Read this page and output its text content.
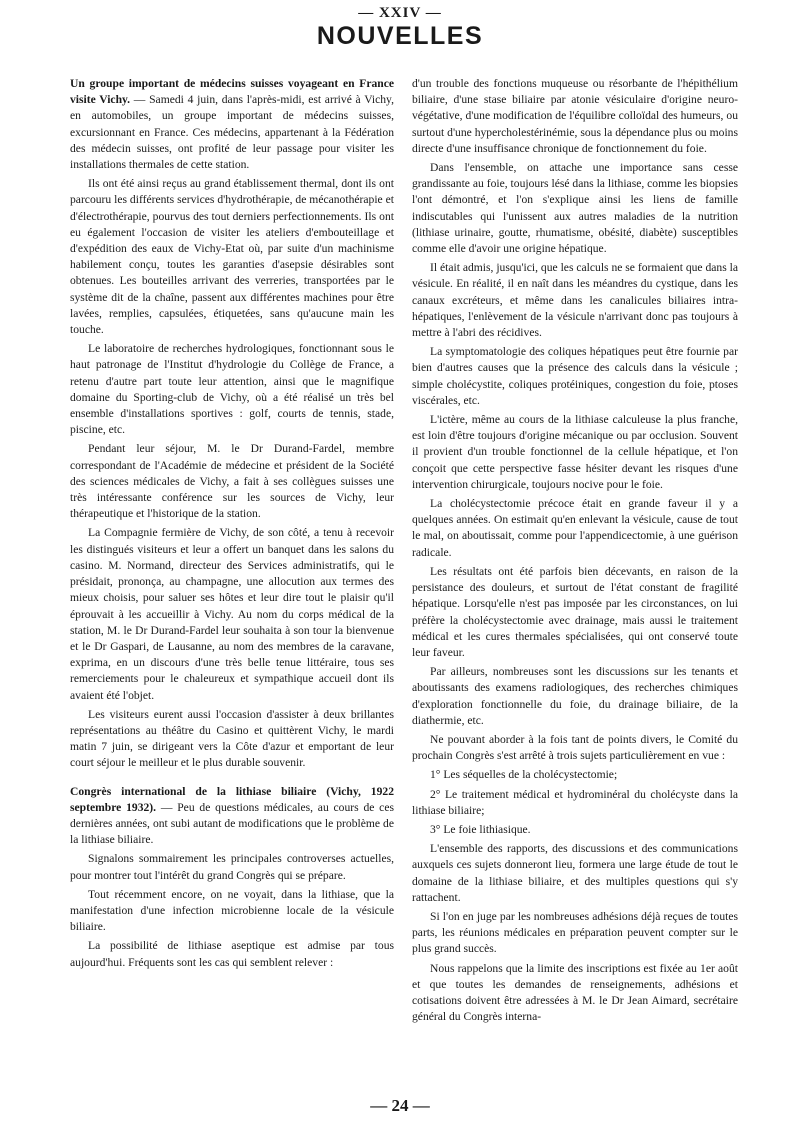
— XXIV —
NOUVELLES

Un groupe important de médecins suisses voyageant en France visite Vichy. — Samedi 4 juin, dans l'après-midi, est arrivé à Vichy, en automobiles, un groupe important de médecins suisses, excursionnant en France. Ces médecins, appartenant à la Fédération des médecin suisses, ont profité de leur passage pour visiter les installations thermales de cette station.

Ils ont été ainsi reçus au grand établissement thermal, dont ils ont parcouru les différents services d'hydrothérapie, de mécanothérapie et d'électrothérapie, pourvus des tout derniers perfectionnements. Ils ont eu également l'occasion de visiter les ateliers d'embouteillage et d'expédition des eaux de Vichy-Etat où, par suite d'un machinisme habilement conçu, toutes les garanties d'asepsie désirables sont obtenues. Les bouteilles arrivant des verreries, transportées par le système dit de la chaîne, passent aux différentes machines pour être lavées, remplies, capsulées, étiquetées, sans qu'aucune main les touche.

Le laboratoire de recherches hydrologiques, fonctionnant sous le haut patronage de l'Institut d'hydrologie du Collège de France, a retenu d'autre part toute leur attention, ainsi que le magnifique domaine du Sporting-club de Vichy, où a été réalisé un très bel ensemble d'installations sportives : golf, courts de tennis, stade, piscine, etc.

Pendant leur séjour, M. le Dr Durand-Fardel, membre correspondant de l'Académie de médecine et président de la Société des sciences médicales de Vichy, a fait à ses collègues suisses une très intéressante conférence sur les sources de Vichy, leur thérapeutique et l'historique de la station.

La Compagnie fermière de Vichy, de son côté, a tenu à recevoir les distingués visiteurs et leur a offert un banquet dans les salons du casino. M. Normand, directeur des Services administratifs, qui le présidait, prononça, au champagne, une allocution aux termes des mieux choisis, pour saluer ses hôtes et leur dire tout le plaisir qu'il éprouvait à les accueillir à Vichy. Au nom du corps médical de la station, M. le Dr Durand-Fardel leur souhaita à son tour la bienvenue et le Dr Gaspari, de Lausanne, au nom des membres de la caravane, exprima, en un discours d'une très belle tenue littéraire, tous ses remerciements pour le chaleureux et sympathique accueil dont ils avaient été l'objet.

Les visiteurs eurent aussi l'occasion d'assister à deux brillantes représentations au théâtre du Casino et quittèrent Vichy, le mardi matin 7 juin, se dirigeant vers la Côte d'azur et emportant de leur court séjour le meilleur et le plus durable souvenir.

Congrès international de la lithiase biliaire (Vichy, 1922 septembre 1932). — Peu de questions médicales, au cours de ces dernières années, ont subi autant de modifications que le problème de la lithiase biliaire.

Signalons sommairement les principales controverses actuelles, pour montrer tout l'intérêt du grand Congrès qui se prépare.

Tout récemment encore, on ne voyait, dans la lithiase, que la manifestation d'une infection microbienne locale de la vésicule biliaire.

La possibilité de lithiase aseptique est admise par tous aujourd'hui. Fréquents sont les cas qui semblent relever :

d'un trouble des fonctions muqueuse ou résorbante de l'hépithélium biliaire, d'une stase biliaire par atonie vésiculaire d'origine neuro-végétative, d'une modification de l'équilibre colloïdal des humeurs, ou surtout d'une hypercholestérinémie, sous la dépendance plus ou moins directe d'une insuffisance chronique de fonctionnement du foie.

Dans l'ensemble, on attache une importance sans cesse grandissante au foie, toujours lésé dans la lithiase, comme les biopsies l'ont démontré, et l'on s'explique ainsi les liens de famille indiscutables qui l'unissent aux autres maladies de la nutrition (lithiase urinaire, goutte, rhumatisme, obésité, diabète) susceptibles comme elle d'avoir une origine hépatique.

Il était admis, jusqu'ici, que les calculs ne se formaient que dans la vésicule. En réalité, il en naît dans les méandres du cystique, dans les canaux excréteurs, et même dans les canalicules biliaires intra-hépatiques, l'enlèvement de la vésicule n'arrivant donc pas toujours à mettre à l'abri des récidives.

La symptomatologie des coliques hépatiques peut être fournie par bien d'autres causes que la présence des calculs dans la vésicule ; simple cholécystite, coliques protéiniques, congestion du foie, ptoses viscérales, etc.

L'ictère, même au cours de la lithiase calculeuse la plus franche, est loin d'être toujours d'origine mécanique ou par occlusion. Souvent il provient d'un trouble fonctionnel de la cellule hépatique, et l'on conçoit que cette perspective fasse hésiter devant les risques d'une intervention chirurgicale, toujours nocive pour le foie.

La cholécystectomie précoce était en grande faveur il y a quelques années. On estimait qu'en enlevant la vésicule, cause de tout le mal, on aboutissait, comme pour l'appendicectomie, à une guérison radicale.

Les résultats ont été parfois bien décevants, en raison de la persistance des douleurs, et surtout de l'état constant de fragilité hépatique. Lorsqu'elle n'est pas imposée par les circonstances, on lui préfère la cholécystectomie avec drainage, mais aussi le traitement médical et les cures thermales spécialisées, qui ont conservé toute leur faveur.

Par ailleurs, nombreuses sont les discussions sur les tenants et aboutissants des examens radiologiques, des recherches chimiques d'exploration fonctionnelle du foie, du drainage biliaire, de la diathermie, etc.

Ne pouvant aborder à la fois tant de points divers, le Comité du prochain Congrès s'est arrêté à trois sujets particulièrement en vue :

1° Les séquelles de la cholécystectomie;

2° Le traitement médical et hydrominéral du cholécyste dans la lithiase biliaire;

3° Le foie lithiasique.

L'ensemble des rapports, des discussions et des communications auxquels ces sujets donneront lieu, formera une large étude de tout le domaine de la lithiase biliaire, et des multiples questions qui s'y rattachent.

Si l'on en juge par les nombreuses adhésions déjà reçues de toutes parts, les réunions médicales en préparation peuvent compter sur le plus grand succès.

Nous rappelons que la limite des inscriptions est fixée au 1er août et que toutes les demandes de renseignements, adhésions et cotisations doivent être adressées à M. le Dr Jean Aimard, secrétaire général du Congrès interna-

— 24 —
